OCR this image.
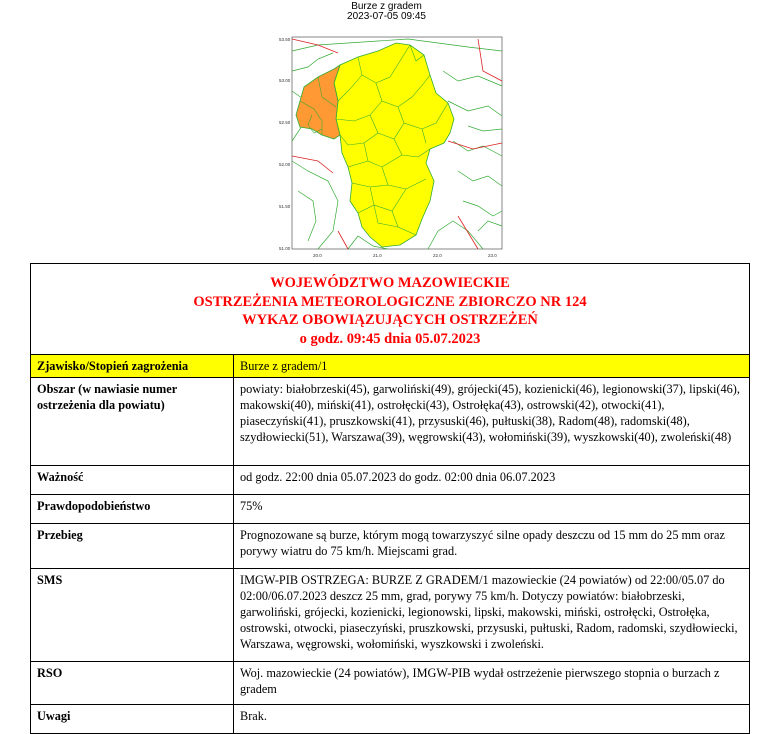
Burze z gradem
2023-07-05 09:45
53.50
53.00
52.50
52.00
51.50
51.00
20.0	21.0	22.0	23.0
WOJEWÓDZTWO MAZOWIECKIE
OSTRZEŻENIA METEOROLOGICZNE ZBIORCZO NR 124
WYKAZ OBOWIĄZUJĄCYCH OSTRZEŻEŃ
o godz. 09:45 dnia 05.07.2023
Zjawisko/Stopień zagrożenia	Burze z gradem/1
Obszar (w nawiasie numer ostrzeżenia dla powiatu)	powiaty: białobrzeski(45), garwoliński(49), grójecki(45), kozienicki(46), legionowski(37), lipski(46), makowski(40), miński(41), ostrołęcki(43), Ostrołęka(43), ostrowski(42), otwocki(41), piaseczyński(41), pruszkowski(41), przysuski(46), pułtuski(38), Radom(48), radomski(48), szydłowiecki(51), Warszawa(39), węgrowski(43), wołomiński(39), wyszkowski(40), zwoleński(48)
Ważność	od godz. 22:00 dnia 05.07.2023 do godz. 02:00 dnia 06.07.2023
Prawdopodobieństwo	75%
Przebieg	Prognozowane są burze, którym mogą towarzyszyć silne opady deszczu od 15 mm do 25 mm oraz porywy wiatru do 75 km/h. Miejscami grad.
SMS	IMGW-PIB OSTRZEGA: BURZE Z GRADEM/1 mazowieckie (24 powiatów) od 22:00/05.07 do 02:00/06.07.2023 deszcz 25 mm, grad, porywy 75 km/h. Dotyczy powiatów: białobrzeski, garwoliński, grójecki, kozienicki, legionowski, lipski, makowski, miński, ostrołęcki, Ostrołęka, ostrowski, otwocki, piaseczyński, pruszkowski, przysuski, pułtuski, Radom, radomski, szydłowiecki, Warszawa, węgrowski, wołomiński, wyszkowski i zwoleński.
RSO	Woj. mazowieckie (24 powiatów), IMGW-PIB wydał ostrzeżenie pierwszego stopnia o burzach z gradem
Uwagi	Brak.
